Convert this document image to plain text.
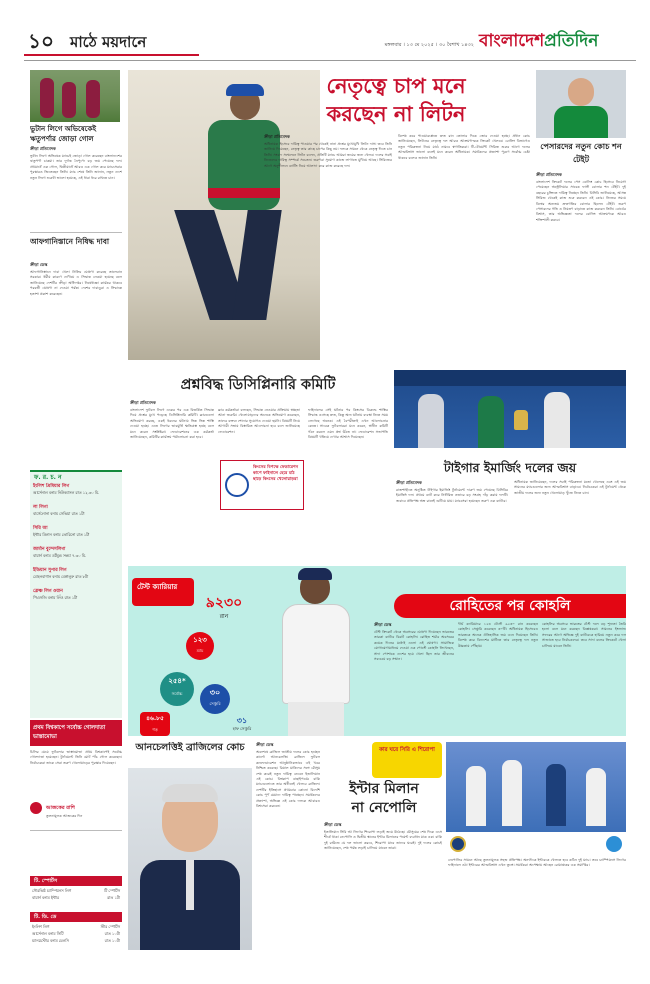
১০	মাঠে ময়দানে	মঙ্গলবার । ১৩ মে ২০২৫ । ৩০ বৈশাখ ১৪৩২ বাংলাদেশপ্রতিদিন
ভুটান লিগে অভিষেকেই ঋতুপর্ণার জোড়া গোল
ক্রীড়া প্রতিবেদক
ভুটান লিগে অভিষেক ম্যাচেই জোড়া গোল করেছেন বাংলাদেশের ঋতুপর্ণা চাকমা। তার দুর্দান্ত নৈপুণ্যে বড় জয় পেয়েছে দল। প্রথমার্ধে এক গোল, দ্বিতীয়ার্ধে আরও এক গোল করে ম্যাচসেরার পুরস্কারও জিতেছেন তিনি। ম্যাচ শেষে তিনি জানান, নতুন দেশে নতুন লিগে শুরুটা ভালো হয়েছে, এই ধারা ধরে রাখতে চান।
আফগানিস্তানে নিষিদ্ধ দাবা
ক্রীড়া ডেস্ক
আফগানিস্তানে দাবা খেলা নিষিদ্ধ ঘোষণা করেছে তালেবান সরকার। ধর্মীয় কারণে দেখিয়ে এ সিদ্ধান্ত নেওয়া হয়েছে বলে জানিয়েছে দেশটির ক্রীড়া অধিদপ্তর। নিষেধাজ্ঞা কার্যকর থাকবে পরবর্তী ঘোষণা না দেওয়া পর্যন্ত। দেশের দাবাড়ুরা এ সিদ্ধান্তে হতাশা প্রকাশ করেছেন।
ফ. র. চ. ন
ইংলিশ প্রিমিয়ার লিগ
আর্সেনাল বনাম নিউক্যাসল রাত ১২.৩০ মি.
লা লিগা
বার্সেলোনা বনাম সেভিয়া রাত ১টা
সিরি আ
ইন্টার মিলান বনাম তোরিনো রাত ১টা
জার্মান বুন্দেসলিগা
বায়ার্ন বনাম ডর্টমুন্ড সন্ধ্যা ৭.৩০ মি.
ইন্ডিয়ান সুপার লিগ
মোহনবাগান বনাম বেঙ্গালুরু রাত ৮টা
ফ্রেঞ্চ লিগ ওয়ান
পিএসজি বনাম লিঁও রাত ১টা
প্রথম বিশ্বকাপে সর্বোচ্চ গোলদাতা ভাস্তামোভা
চিলির মেয়ে ফুটবলার ভাস্তামোভা প্রথম বিশ্বকাপেই সর্বোচ্চ গোলদাতা হয়েছেন। টুর্নামেন্টে তিনি মোট পাঁচ গোল করেছেন। নির্বাচকেরা তাকে সেরা তরুণ খেলোয়াড়ের পুরস্কার দিয়েছেন।
আজকের রাশি
তুলনামূলক আজকের দিন
টি. স্পোর্টস
সৌরভিষ্ঠ চ্যাম্পিয়নস লিগ	টি স্পোর্টস
বায়ার্ন বনাম ইন্টার	রাত ১টা
টি. ডি. ডে
ইংলিশ লিগ	স্টার স্পোর্টস
আর্সেনাল বনাম সিটি	রাত ১০টা
ম্যানচেস্টার বনাম চেলসি	রাত ১০টা
নেতৃত্বে চাপ মনে
করছেন না লিটন
ক্রীড়া প্রতিবেদক
অধিনায়ক হিসেবে দায়িত্ব পাওয়ার পর থেকেই নানা প্রশ্নের মুখোমুখি লিটন দাস। তবে তিনি জানিয়ে দিয়েছেন, নেতৃত্ব তার কাছে চাপের কিছু নয়। দলকে সামনে থেকে নেতৃত্ব দিতে চান তিনি। সংবাদ সম্মেলনে লিটন বলেন, প্রতিটি ম্যাচে আমরা জয়ের জন্য খেলব। দলের সবাই নিজেদের দায়িত্ব সম্পর্কে সচেতন। তরুণরা সুযোগ কাজে লাগাতে মুখিয়ে আছে। সিরিজের আগে অনুশীলনে ব্যাটিং নিয়ে আলাদা করে কাজ করেছে দল।
বিশেষ করে পাওয়ারপ্লেতে দ্রুত রান তোলার দিকে জোর দেওয়া হচ্ছে। প্রধান কোচ জানিয়েছেন, লিটনের নেতৃত্বে দল আরও আক্রমণাত্মক ক্রিকেট খেলবে। বোলিং বিভাগেও নতুন পরিকল্পনা নিয়ে মাঠে নামবে স্বাগতিকরা। টি-টোয়েন্টি সিরিজ শুরুর আগে দলের আত্মবিশ্বাস ভালো বলেই মনে করেন অধিনায়ক। সমর্থকদের প্রত্যাশা পূরণে সর্বোচ্চ চেষ্টা থাকবে বলেও জানান তিনি।
পেসারদের নতুন কোচ শন টেইট
ক্রীড়া প্রতিবেদক
বাংলাদেশ ক্রিকেট দলের পেস বোলিং কোচ হিসেবে নিয়োগ পেয়েছেন অস্ট্রেলিয়ার সাবেক ফাস্ট বোলার শন টেইট। দুই বছরের চুক্তিতে দায়িত্ব নিচ্ছেন তিনি। বিসিবি জানিয়েছে, আসন্ন সিরিজ থেকেই কাজ শুরু করবেন এই কোচ। নিজের সময়ে বিশ্বের অন্যতম দ্রুতগতির বোলার ছিলেন টেইট। তরুণ পেসারদের গতি ও নিয়ন্ত্রণ বাড়াতে কাজ করবেন তিনি। বোর্ডের বিশ্বাস, তার অভিজ্ঞতা দলের বোলিং আক্রমণকে আরও শক্তিশালী করবে।
প্রশ্নবিদ্ধ ডিসিপ্লিনারি কমিটি
ক্রীড়া প্রতিবেদক
বাংলাদেশ ফুটবল লিগে একের পর এক বিতর্কিত সিদ্ধান্ত দিয়ে প্রশ্নের মুখে পড়েছে ডিসিপ্লিনারি কমিটি। ক্লাবগুলো অভিযোগ করছে, একই ধরনের ঘটনায় ভিন্ন ভিন্ন শাস্তি দেওয়া হচ্ছে। এতে লিগের ভাবমূর্তি ক্ষতিগ্রস্ত হচ্ছে বলে মনে করেন সংশ্লিষ্টরা। ফেডারেশনের এক কর্মকর্তা জানিয়েছেন, কমিটির কার্যক্রম পর্যালোচনা করা হবে।
ক্লাব কর্মকর্তারা বলছেন, সিদ্ধান্ত নেওয়ার প্রক্রিয়ায় স্বচ্ছতা আনা জরুরি। খেলোয়াড়দের অনেকে অভিযোগ করেছেন, তাদের বক্তব্য শোনার সুযোগও দেওয়া হয়নি। বিষয়টি নিয়ে আগামী সভায় বিস্তারিত আলোচনা হবে বলে জানিয়েছে ফেডারেশন।
কিংসের বিপক্ষে ফেডারেশন কাপে ফাইনালে হেরে মাঠ ছাড়ে কিংসের খেলোয়াড়রা
ফাইনালের সেই ঘটনার পর কিংসের বিরুদ্ধে শাস্তির সিদ্ধান্ত এসেছে দ্রুত, কিন্তু অন্য ঘটনায় ব্যবস্থা নিতে সময় লেগেছে অনেক। এই বৈপরীত্যই এখন আলোচনার কেন্দ্রে। সাবেক ফুটবলাররা মনে করেন, স্বাধীন কমিটি গঠন করলে এমন প্রশ্ন উঠত না। ফেডারেশন সভাপতি বিষয়টি খতিয়ে দেখার আশ্বাস দিয়েছেন।
টাইগার ইমার্জিং দলের জয়
ক্রীড়া প্রতিবেদক
রাজশাহীতে অনুষ্ঠিত টাইগার ইমার্জিং টুর্নামেন্টে দারুণ জয় পেয়েছে বিসিবির ইমার্জিং দল। প্রথমে ব্যাট করে নির্ধারিত ওভারে বড় সংগ্রহ দাঁড় করায় দলটি। জবাবে প্রতিপক্ষ অল্প রানেই গুটিয়ে যায়। ম্যাচসেরা হয়েছেন তরুণ এক ব্যাটার।
অধিনায়ক জানিয়েছেন, দলের সবাই পরিকল্পনা মতো খেলেছে এবং এই জয় সামনের ম্যাচগুলোর জন্য আত্মবিশ্বাস বাড়াবে। নির্বাচকেরা এই টুর্নামেন্ট থেকে জাতীয় দলের জন্য নতুন খেলোয়াড় খুঁজে নিতে চান।
রোহিতের পর কোহলি
টেস্ট ক্যারিয়ার
৯২৩০
রান
১২৩
ম্যাচ
২৫৪*
সর্বোচ্চ	৩০
সেঞ্চুরি
৩১
হাফ সেঞ্চুরি
৪৬.৮৫
গড়
ক্রীড়া ডেস্ক
টেস্ট ক্রিকেট থেকে অবসরের ঘোষণা দিয়েছেন ভারতের তারকা ব্যাটার বিরাট কোহলি। রোহিত শর্মার অবসরের কয়েক দিনের মধ্যেই এলো এই ঘোষণা। সামাজিক যোগাযোগমাধ্যমে দেওয়া এক পোস্টে কোহলি লিখেছেন, সাদা পোশাকে দেশের হয়ে খেলা ছিল তার জীবনের সবচেয়ে বড় সম্মান।
দীর্ঘ ক্যারিয়ারে ১২৩ টেস্টে ৯২৩০ রান করেছেন কোহলি। সেঞ্চুরি করেছেন ৩০টি। অধিনায়ক হিসেবেও ভারতকে অনেক ঐতিহাসিক জয় এনে দিয়েছেন তিনি। বিশেষ করে বিদেশের মাটিতে তার নেতৃত্বে দল নতুন উচ্চতায় পৌঁছায়।
কোহলির অবসরে ভারতের টেস্ট দলে বড় শূন্যতা তৈরি হলো বলে মনে করছেন বিশ্লেষকরা। সামনের ইংল্যান্ড সফরের আগে অভিজ্ঞ দুই ব্যাটারকে হারিয়ে নতুন করে দল সাজাতে হবে নির্বাচকদের। তবে সাদা বলের ক্রিকেটে খেলা চালিয়ে যাবেন তিনি।
আনচেলত্তিই ব্রাজিলের কোচ	ক্রীড়া ডেস্ক
অবশেষে ব্রাজিল জাতীয় দলের কোচ হচ্ছেন কার্লো আনচেলত্তি। ব্রাজিল ফুটবল কনফেডারেশন আনুষ্ঠানিকভাবে এই খবর নিশ্চিত করেছে। রিয়াল মাদ্রিদের সঙ্গে মৌসুম শেষ করেই নতুন দায়িত্ব নেবেন ইতালিয়ান এই কোচ। বিশ্বকাপ বাছাইপর্বের বাকি ম্যাচগুলোতে তার অধীনেই খেলবে ব্রাজিল। দেশটির ইতিহাসে প্রথমবার কোনো বিদেশি কোচ পূর্ণ মেয়াদে দায়িত্ব পাচ্ছেন। সমর্থকদের প্রত্যাশা, অভিজ্ঞ এই কোচ দলকে আবারও বিশ্বসেরা করবেন।
কার ঘরে সিরি এ শিরোপা
ইন্টার মিলান
না নেপোলি
ক্রীড়া ডেস্ক
ইতালিয়ান সিরি আ লিগের শিরোপা লড়াই জমে উঠেছে। মৌসুমের শেষ দিকে এসে শীর্ষে থাকা নেপোলি ও দ্বিতীয় স্থানের ইন্টার মিলানের পয়েন্ট ব্যবধান মাত্র এক। বাকি দুই রাউন্ডে যে দল ভালো করবে, শিরোপা যাবে তাদের ঘরেই। দুই দলের কোচই জানিয়েছেন, শেষ পর্যন্ত লড়াই চালিয়ে যাবেন তারা।
নেপোলির সামনে আছে তুলনামূলক সহজ প্রতিপক্ষ। অন্যদিকে ইন্টারকে খেলতে হবে কঠিন দুই ম্যাচ। তবে চ্যাম্পিয়নস লিগের ফাইনালে ওঠা ইন্টারের আত্মবিশ্বাস এখন তুঙ্গে। সমর্থকরা অপেক্ষায় আছেন রোমাঞ্চকর এক সমাপ্তির।
